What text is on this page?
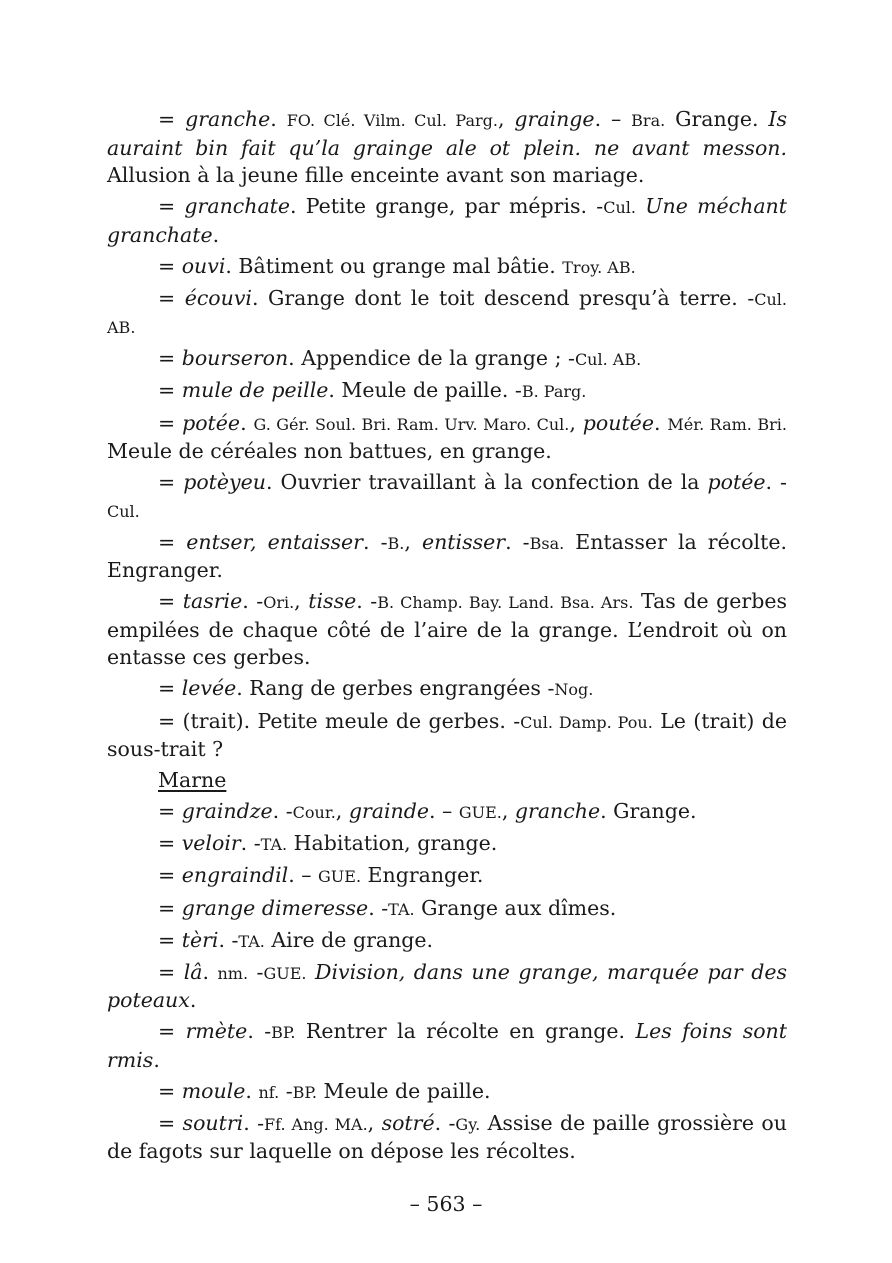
= granche. FO. Clé. Vilm. Cul. Parg., grainge. – Bra. Grange. Is auraint bin fait qu’la grainge ale ot plein. ne avant messon. Allusion à la jeune fille enceinte avant son mariage.

= granchate. Petite grange, par mépris. -Cul. Une méchant granchate.

= ouvi. Bâtiment ou grange mal bâtie. Troy. AB.

= écouvi. Grange dont le toit descend presqu’à terre. -Cul. AB.

= bourseron. Appendice de la grange ; -Cul. AB.

= mule de peille. Meule de paille. -B. Parg.

= potée. G. Gér. Soul. Bri. Ram. Urv. Maro. Cul., poutée. Mér. Ram. Bri. Meule de céréales non battues, en grange.

= potèyeu. Ouvrier travaillant à la confection de la potée. -Cul.

= entser, entaisser. -B., entisser. -Bsa. Entasser la récolte. Engranger.

= tasrie. -Ori., tisse. -B. Champ. Bay. Land. Bsa. Ars. Tas de gerbes empilées de chaque côté de l’aire de la grange. L’endroit où on entasse ces gerbes.

= levée. Rang de gerbes engrangées -Nog.

= (trait). Petite meule de gerbes. -Cul. Damp. Pou. Le (trait) de sous-trait ?

Marne

= graindze. -Cour., grainde. – GUE., granche. Grange.

= veloir. -TA. Habitation, grange.

= engraindil. – GUE. Engranger.

= grange dimeresse. -TA. Grange aux dîmes.

= tèri. -TA. Aire de grange.

= lâ. nm. -GUE. Division, dans une grange, marquée par des poteaux.

= rmète. -BP. Rentrer la récolte en grange. Les foins sont rmis.

= moule. nf. -BP. Meule de paille.

= soutri. -Ff. Ang. MA., sotré. -Gy. Assise de paille grossière ou de fagots sur laquelle on dépose les récoltes.

– 563 –
